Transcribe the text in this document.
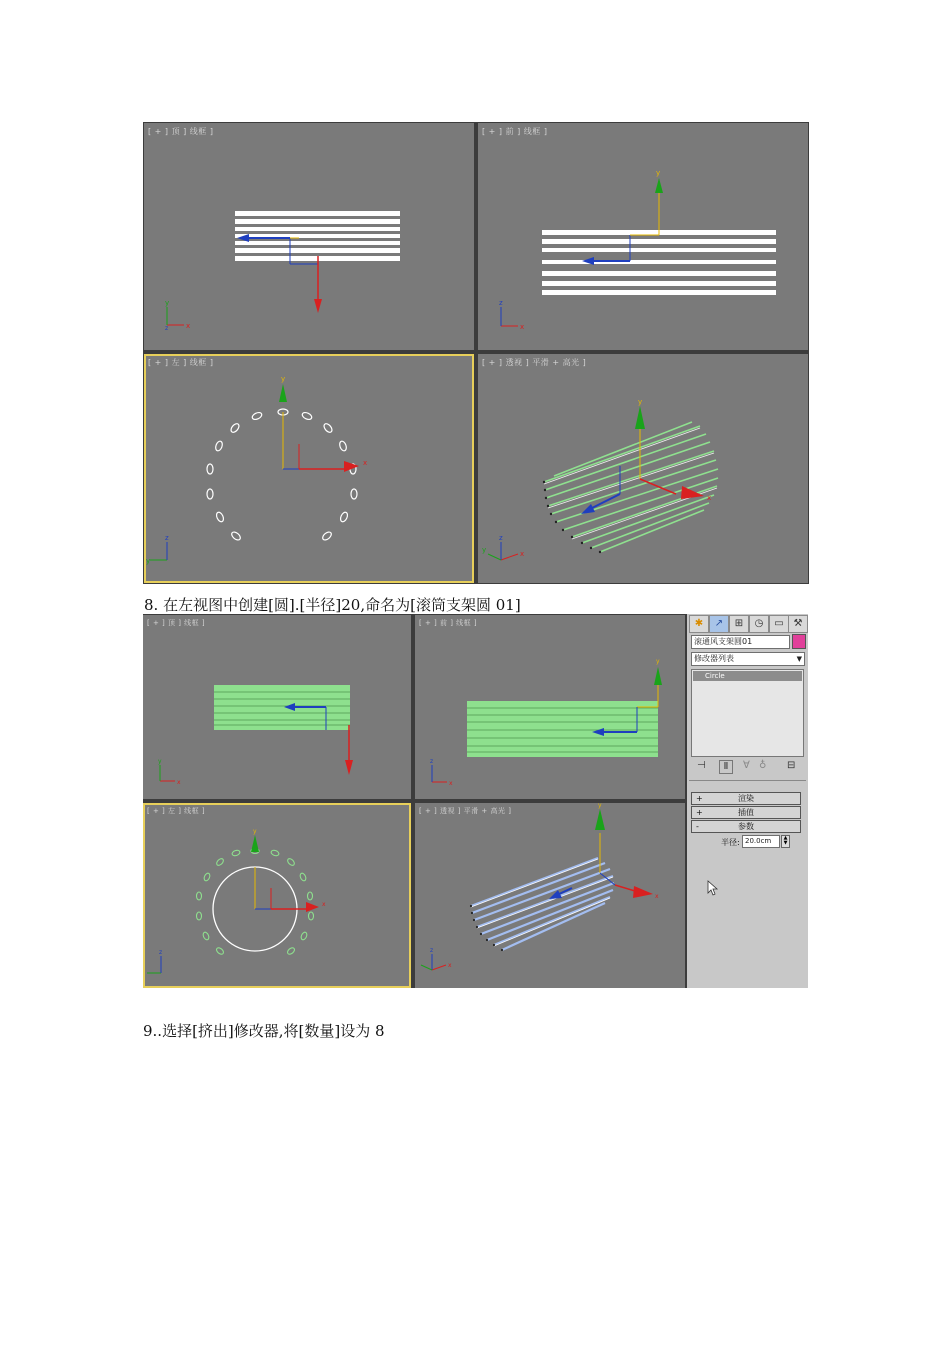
[ + ] 顶 ] 线框 ]
x
y
z
[ + ] 前 ] 线框 ]
y
x
z
[ + ] 左 ] 线框 ]
y
x
y
z
[ + ] 透视 ] 平滑 + 高光 ]
y
x
x
z
y
8. 在左视图中创建[圆].[半径]20,命名为[滚筒支架圆 01]
[ + ] 顶 ] 线框 ]
x
y
[ + ] 前 ] 线框 ]
y
x
z
[ + ] 左 ] 线框 ]
y
x
z
[ + ] 透视 ] 平滑 + 高光 ]
y
x
x
z
✱	↗	⊞	◷	▭ ⚒
滚通风支架圆01
修改器列表	▼
Circle
⊣	Ⅱ	∀ ♁ ⊟
+	渲染
+	插值
-	参数
半径: 20.0cm	▲
▼
9..选择[挤出]修改器,将[数量]设为 8
